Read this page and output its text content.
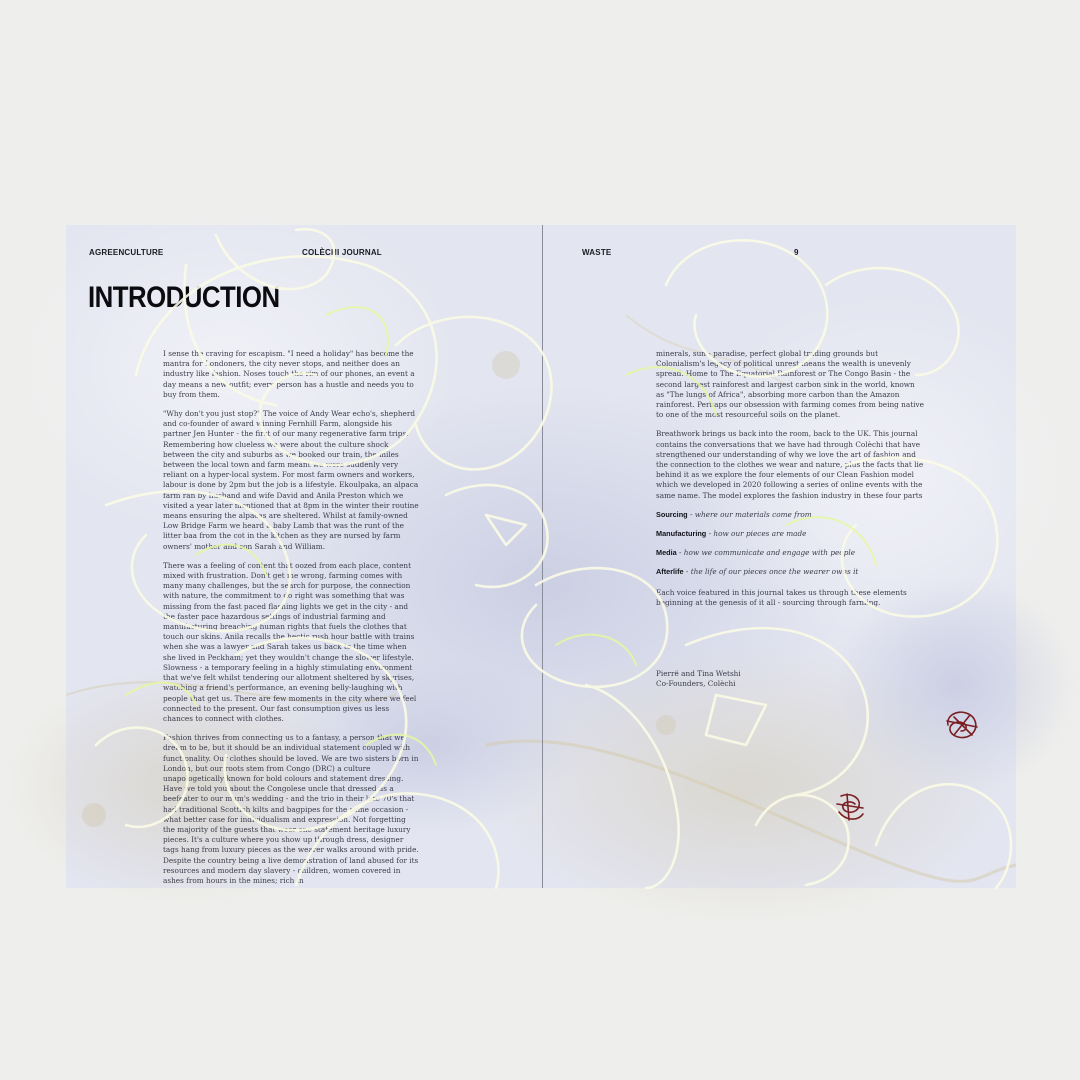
AGREENCULTURE	COLÈCHI JOURNAL	WASTE	9

INTRODUCTION

I sense the craving for escapism. "I need a holiday" has become the mantra for Londoners, the city never stops, and neither does an industry like fashion. Noses touch the rim of our phones, an event a day means a new outfit; every person has a hustle and needs you to buy from them.

"Why don't you just stop?" The voice of Andy Wear echo's, shepherd and co-founder of award winning Fernhill Farm, alongside his partner Jen Hunter - the first of our many regenerative farm trips. Remembering how clueless we were about the culture shock between the city and suburbs as we booked our train, the miles between the local town and farm meant we were suddenly very reliant on a hyper-local system. For most farm owners and workers, labour is done by 2pm but the job is a lifestyle. Ekoulpaka, an alpaca farm ran by husband and wife David and Anila Preston which we visited a year later mentioned that at 8pm in the winter their routine means ensuring the alpacas are sheltered. Whilst at family-owned Low Bridge Farm we heard a baby Lamb that was the runt of the litter baa from the cot in the kitchen as they are nursed by farm owners' mother and son Sarah and William.

There was a feeling of content that oozed from each place, content mixed with frustration. Don't get me wrong, farming comes with many many challenges, but the search for purpose, the connection with nature, the commitment to do right was something that was missing from the fast paced flashing lights we get in the city - and the faster pace hazardous settings of industrial farming and manufacturing breaching human rights that fuels the clothes that touch our skins. Anila recalls the hectic rush hour battle with trains when she was a lawyer and Sarah takes us back to the time when she lived in Peckham; yet they wouldn't change the slower lifestyle. Slowness - a temporary feeling in a highly stimulating environment that we've felt whilst tendering our allotment sheltered by skyrises, watching a friend's performance, an evening belly-laughing with people that get us. There are few moments in the city where we feel connected to the present. Our fast consumption gives us less chances to connect with clothes.

Fashion thrives from connecting us to a fantasy, a person that we dream to be, but it should be an individual statement coupled with functionality. Our clothes should be loved. We are two sisters born in London, but our roots stem from Congo (DRC) a culture unapologetically known for bold colours and statement dressing. Have we told you about the Congolese uncle that dressed as a beefeater to our mum's wedding - and the trio in their late 70's that had traditional Scottish kilts and bagpipes for the same occasion - what better case for individualism and expression. Not forgetting the majority of the guests that wear one statement heritage luxury pieces. It's a culture where you show up through dress, designer tags hang from luxury pieces as the wearer walks around with pride. Despite the country being a live demonstration of land abused for its resources and modern day slavery - children, women covered in ashes from hours in the mines; rich in

minerals, sun - paradise, perfect global trading grounds but Colonialism's legacy of political unrest means the wealth is unevenly spread. Home to The Equatorial Rainforest or The Congo Basin - the second largest rainforest and largest carbon sink in the world, known as "The lungs of Africa", absorbing more carbon than the Amazon rainforest. Perhaps our obsession with farming comes from being native to one of the most resourceful soils on the planet.

Breathwork brings us back into the room, back to the UK. This journal contains the conversations that we have had through Colèchi that have strengthened our understanding of why we love the art of fashion and the connection to the clothes we wear and nature, plus the facts that lie behind it as we explore the four elements of our Clean Fashion model which we developed in 2020 following a series of online events with the same name. The model explores the fashion industry in these four parts

Sourcing - where our materials come from

Manufacturing - how our pieces are made

Media - how we communicate and engage with people

Afterlife - the life of our pieces once the wearer owns it

Each voice featured in this journal takes us through these elements beginning at the genesis of it all - sourcing through farming.

Pierrë and Tina Wetshi

Co-Founders, Colèchi
